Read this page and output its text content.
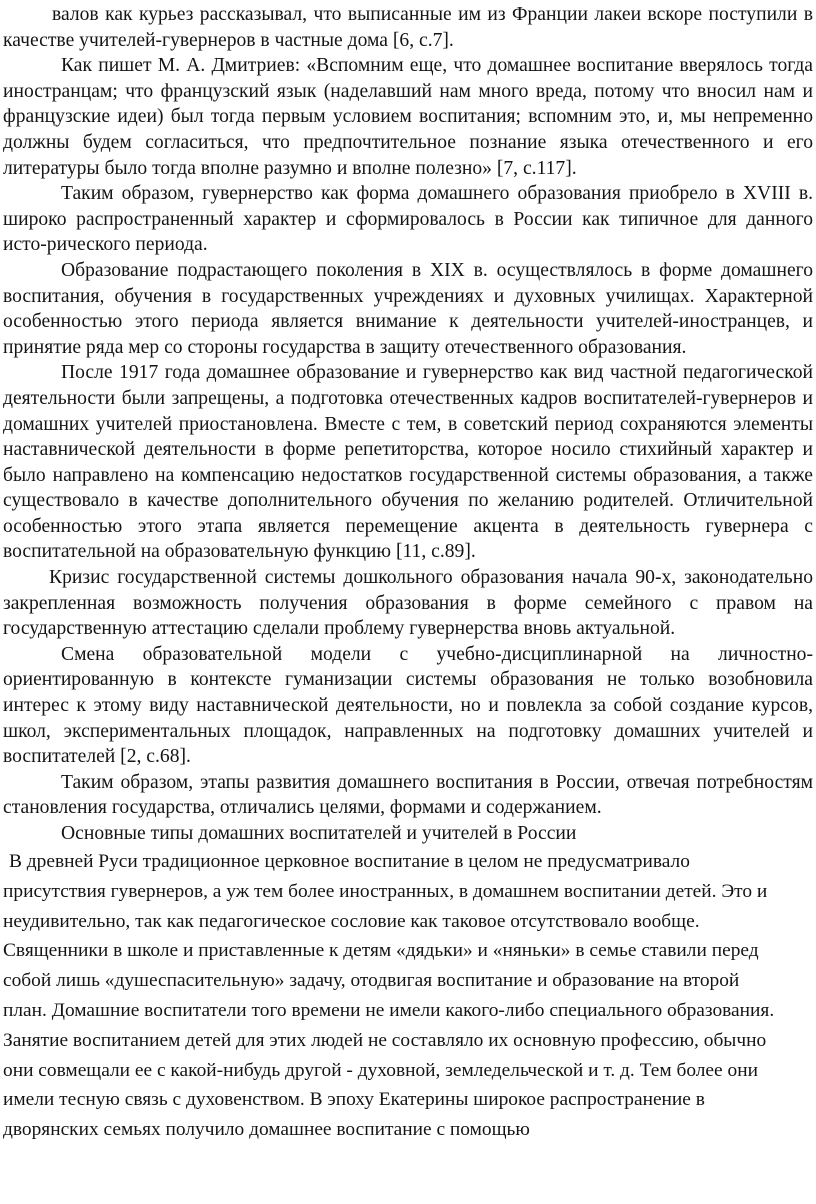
валов как курьез рассказывал, что выписанные им из Франции лакеи вскоре поступили в качестве учителей-гувернеров в частные дома [6, с.7].

Как пишет М. А. Дмитриев: «Вспомним еще, что домашнее воспитание вверялось тогда иностранцам; что французский язык (наделавший нам много вреда, потому что вносил нам и французские идеи) был тогда первым условием воспитания; вспомним это, и, мы непременно должны будем согласиться, что предпочтительное познание языка отечественного и его литературы было тогда вполне разумно и вполне полезно» [7, с.117].

Таким образом, гувернерство как форма домашнего образования приобрело в XVIII в. широко распространенный характер и сформировалось в России как типичное для данного исто-рического периода.

Образование подрастающего поколения в XIX в. осуществлялось в форме домашнего воспитания, обучения в государственных учреждениях и духовных училищах. Характерной особенностью этого периода является внимание к деятельности учителей-иностранцев, и принятие ряда мер со стороны государства в защиту отечественного образования.

После 1917 года домашнее образование и гувернерство как вид частной педагогической деятельности были запрещены, а подготовка отечественных кадров воспитателей-гувернеров и домашних учителей приостановлена. Вместе с тем, в советский период сохраняются элементы наставнической деятельности в форме репетиторства, которое носило стихийный характер и было направлено на компенсацию недостатков государственной системы образования, а также существовало в качестве дополнительного обучения по желанию родителей. Отличительной особенностью этого этапа является перемещение акцента в деятельность гувернера с воспитательной на образовательную функцию [11, с.89].

Кризис государственной системы дошкольного образования начала 90-х, законодательно закрепленная возможность получения образования в форме семейного с правом на государственную аттестацию сделали проблему гувернерства вновь актуальной.

Смена образовательной модели с учебно-дисциплинарной на личностно-ориентированную в контексте гуманизации системы образования не только возобновила интерес к этому виду наставнической деятельности, но и повлекла за собой создание курсов, школ, экспериментальных площадок, направленных на подготовку домашних учителей и воспитателей [2, с.68].

Таким образом, этапы развития домашнего воспитания в России, отвечая потребностям становления государства, отличались целями, формами и содержанием.

Основные типы домашних воспитателей и учителей в России

В древней Руси традиционное церковное воспитание в целом не предусматривало присутствия гувернеров, а уж тем более иностранных, в домашнем воспитании детей. Это и неудивительно, так как педагогическое сословие как таковое отсутствовало вообще. Священники в школе и приставленные к детям «дядьки» и «няньки» в семье ставили перед собой лишь «душеспасительную» задачу, отодвигая воспитание и образование на второй план. Домашние воспитатели того времени не имели какого-либо специального образования. Занятие воспитанием детей для этих людей не составляло их основную профессию, обычно они совмещали ее с какой-нибудь другой - духовной, земледельческой и т. д. Тем более они имели тесную связь с духовенством. В эпоху Екатерины широкое распространение в дворянских семьях получило домашнее воспитание с помощью
